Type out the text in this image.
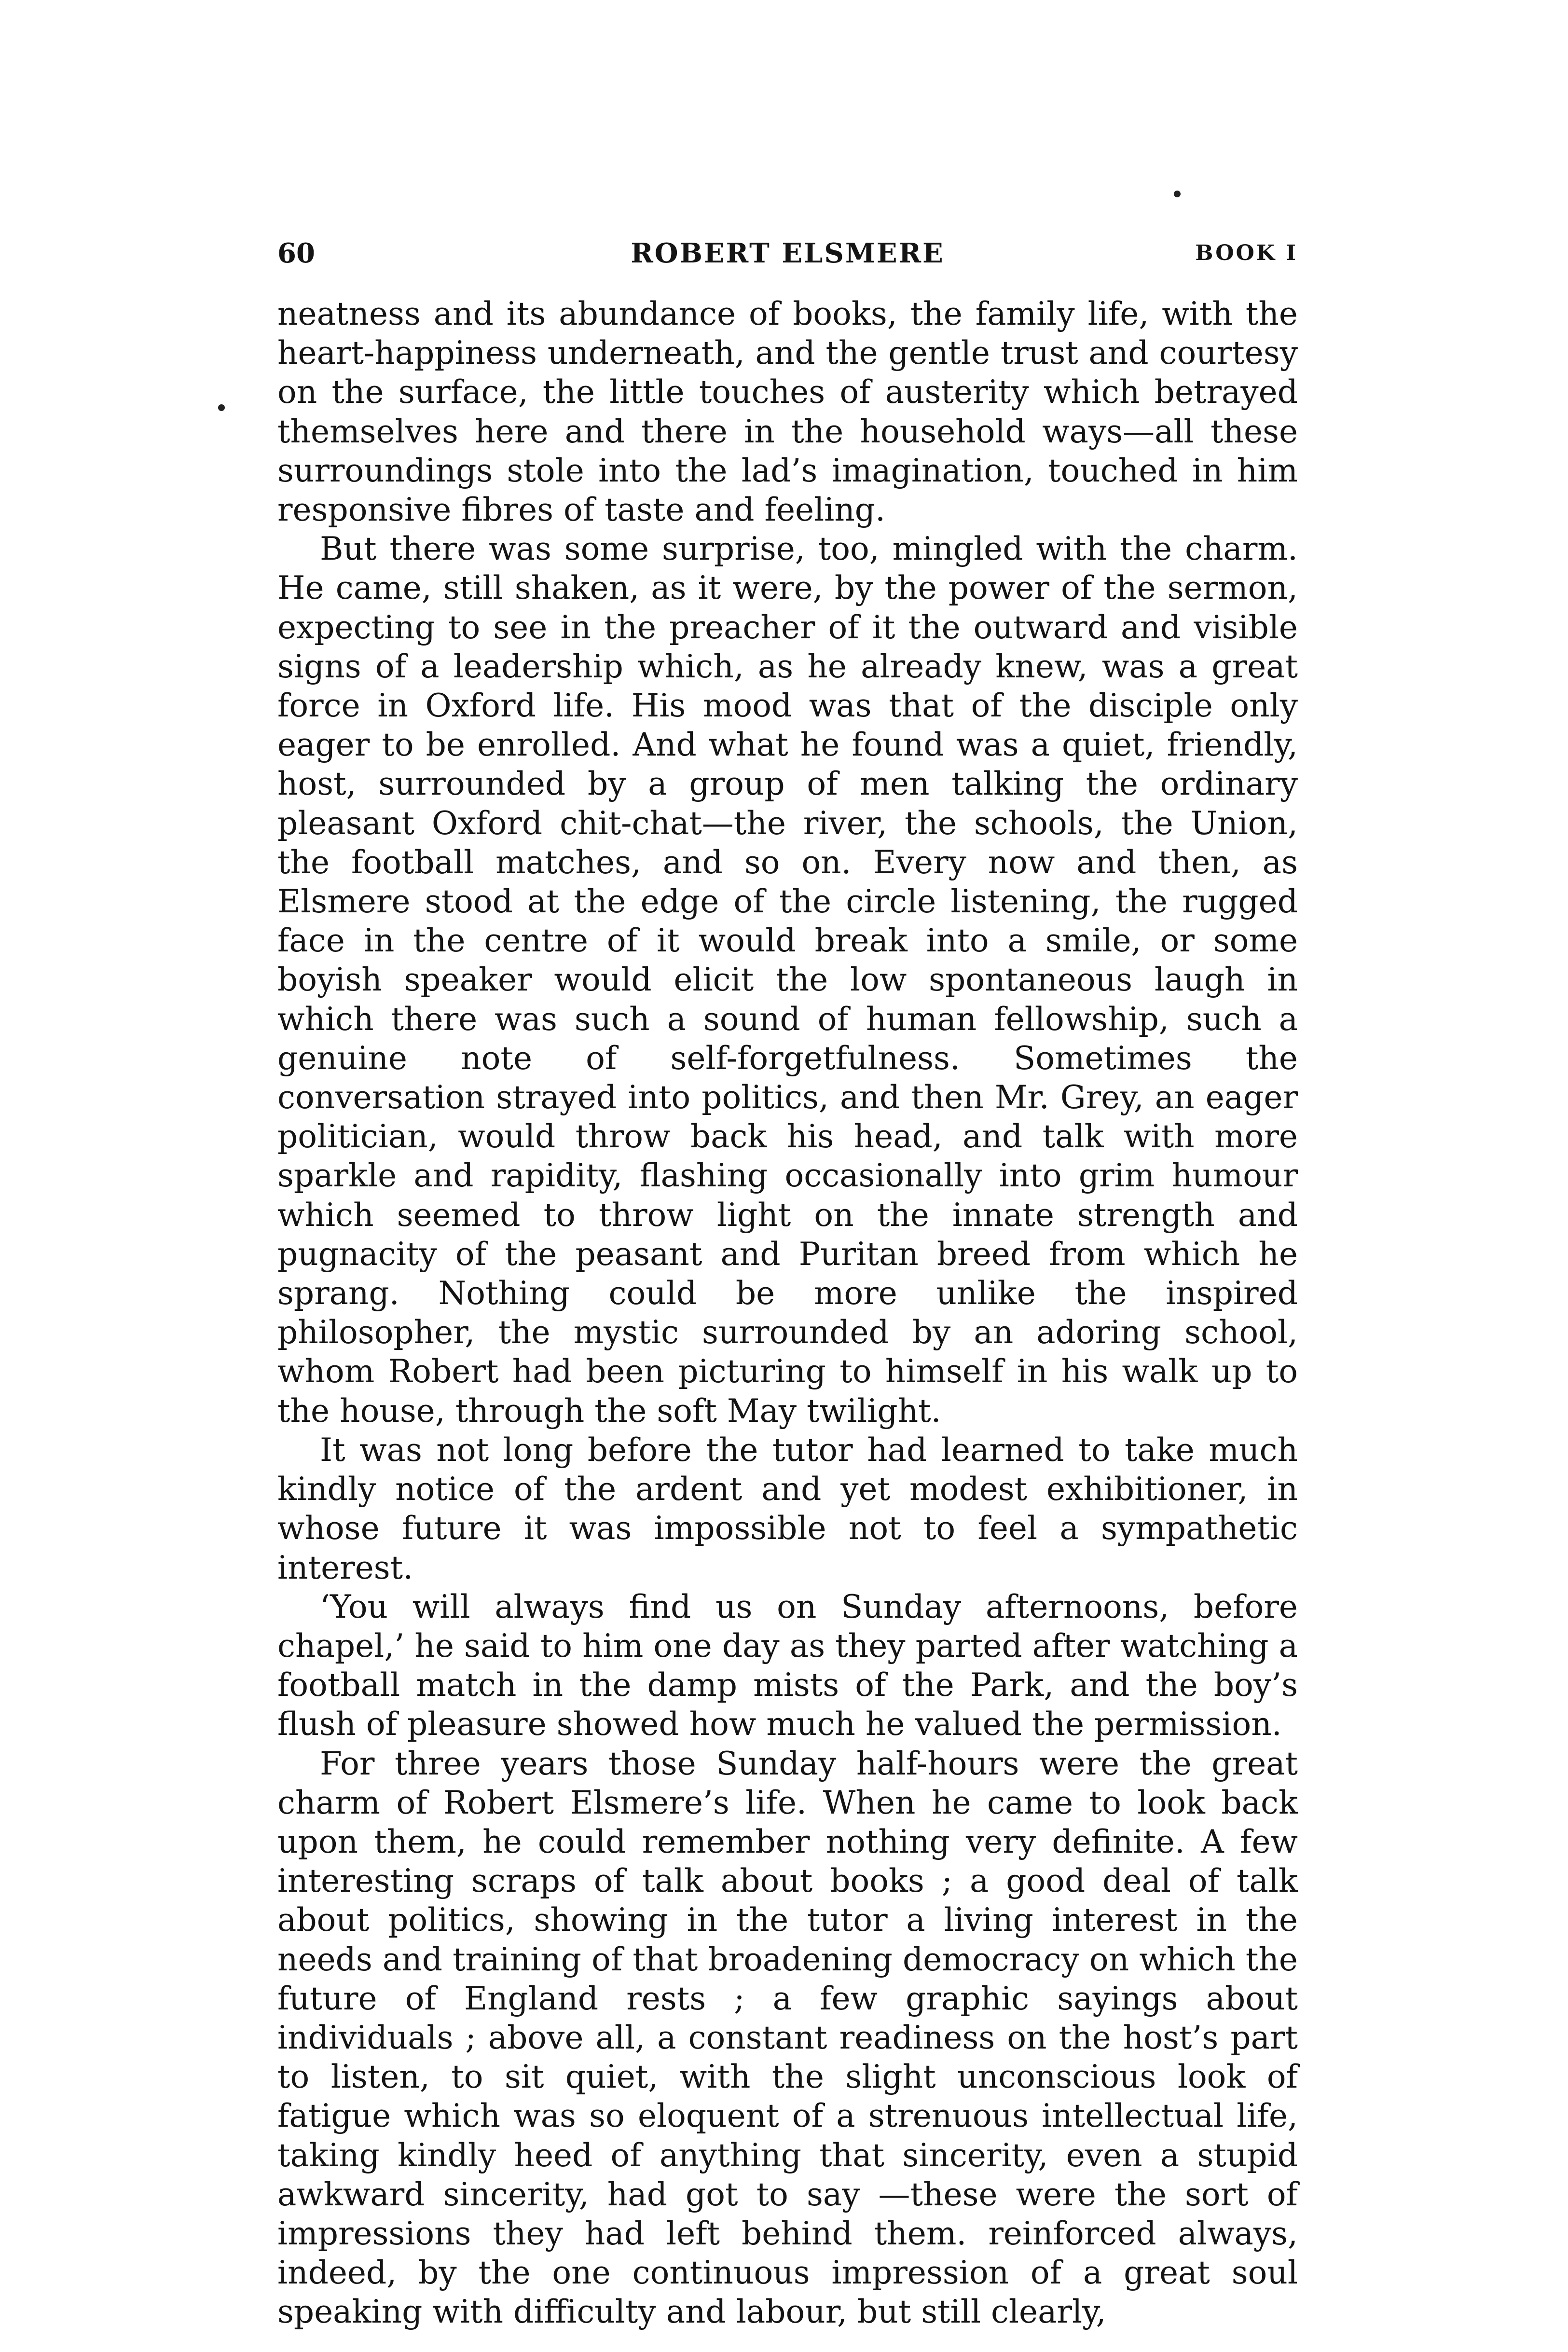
60	ROBERT ELSMERE	BOOK I

neatness and its abundance of books, the family life, with the heart-happiness underneath, and the gentle trust and courtesy on the surface, the little touches of austerity which betrayed themselves here and there in the household ways—all these surroundings stole into the lad’s imagination, touched in him responsive fibres of taste and feeling.

But there was some surprise, too, mingled with the charm. He came, still shaken, as it were, by the power of the sermon, expecting to see in the preacher of it the outward and visible signs of a leadership which, as he already knew, was a great force in Oxford life. His mood was that of the disciple only eager to be enrolled. And what he found was a quiet, friendly, host, surrounded by a group of men talking the ordinary pleasant Oxford chit-chat—the river, the schools, the Union, the football matches, and so on. Every now and then, as Elsmere stood at the edge of the circle listening, the rugged face in the centre of it would break into a smile, or some boyish speaker would elicit the low spontaneous laugh in which there was such a sound of human fellowship, such a genuine note of self-forgetfulness. Sometimes the conversation strayed into politics, and then Mr. Grey, an eager politician, would throw back his head, and talk with more sparkle and rapidity, flashing occasionally into grim humour which seemed to throw light on the innate strength and pugnacity of the peasant and Puritan breed from which he sprang. Nothing could be more unlike the inspired philosopher, the mystic surrounded by an adoring school, whom Robert had been picturing to himself in his walk up to the house, through the soft May twilight.

It was not long before the tutor had learned to take much kindly notice of the ardent and yet modest exhibitioner, in whose future it was impossible not to feel a sympathetic interest.

‘You will always find us on Sunday afternoons, before chapel,’ he said to him one day as they parted after watching a football match in the damp mists of the Park, and the boy’s flush of pleasure showed how much he valued the permission.

For three years those Sunday half-hours were the great charm of Robert Elsmere’s life. When he came to look back upon them, he could remember nothing very definite. A few interesting scraps of talk about books ; a good deal of talk about politics, showing in the tutor a living interest in the needs and training of that broadening democracy on which the future of England rests ; a few graphic sayings about individuals ; above all, a constant readiness on the host’s part to listen, to sit quiet, with the slight unconscious look of fatigue which was so eloquent of a strenuous intellectual life, taking kindly heed of anything that sincerity, even a stupid awkward sincerity, had got to say —these were the sort of impressions they had left behind them. reinforced always, indeed, by the one continuous impression of a great soul speaking with difficulty and labour, but still clearly,
